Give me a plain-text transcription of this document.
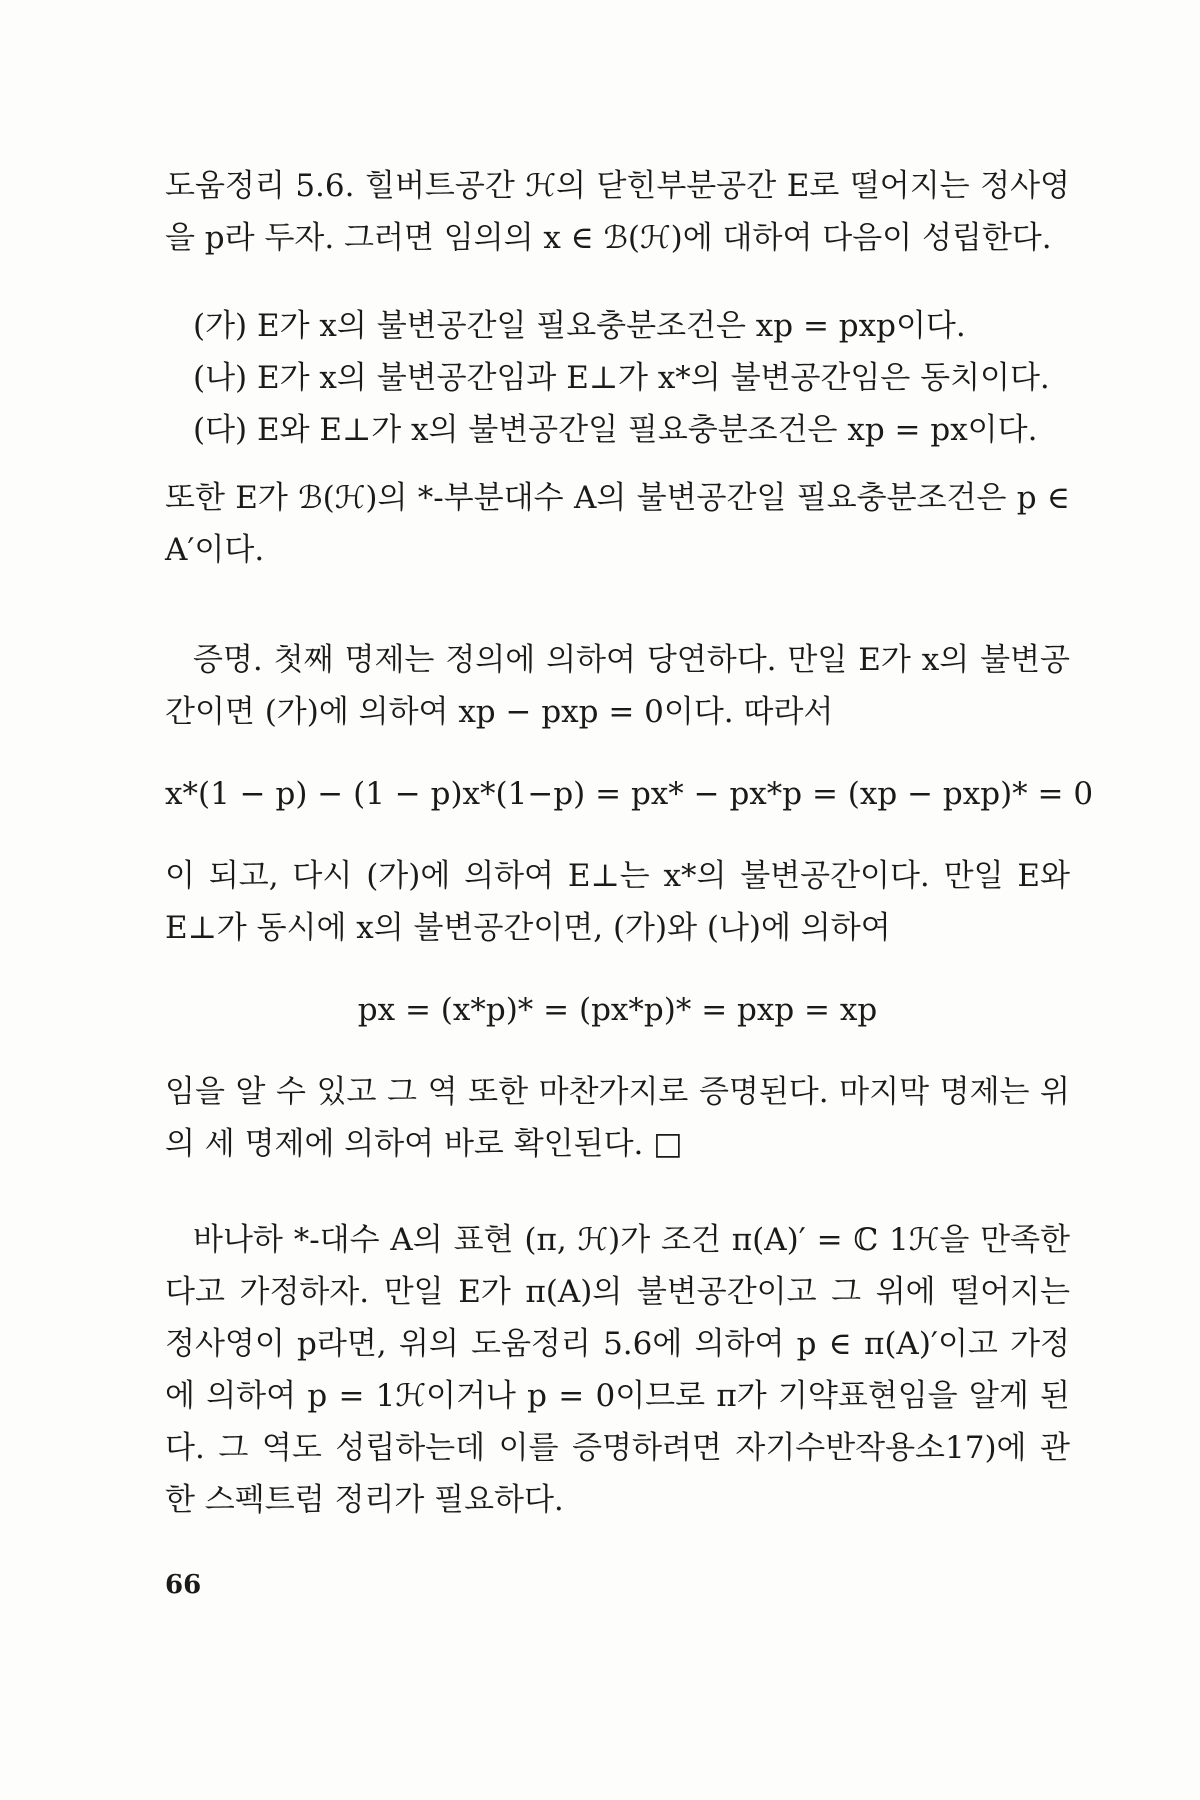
도움정리 5.6. 힐버트공간 ℋ의 닫힌부분공간 E로 떨어지는 정사영을 p라 두자. 그러면 임의의 x ∈ ℬ(ℋ)에 대하여 다음이 성립한다.

(가) E가 x의 불변공간일 필요충분조건은 xp = pxp이다.
(나) E가 x의 불변공간임과 E⊥가 x*의 불변공간임은 동치이다.
(다) E와 E⊥가 x의 불변공간일 필요충분조건은 xp = px이다.

또한 E가 ℬ(ℋ)의 *-부분대수 A의 불변공간일 필요충분조건은 p ∈ A′이다.

증명. 첫째 명제는 정의에 의하여 당연하다. 만일 E가 x의 불변공간이면 (가)에 의하여 xp − pxp = 0이다. 따라서

x*(1 − p) − (1 − p)x*(1−p) = px* − px*p = (xp − pxp)* = 0

이 되고, 다시 (가)에 의하여 E⊥는 x*의 불변공간이다. 만일 E와 E⊥가 동시에 x의 불변공간이면, (가)와 (나)에 의하여

px = (x*p)* = (px*p)* = pxp = xp

임을 알 수 있고 그 역 또한 마찬가지로 증명된다. 마지막 명제는 위의 세 명제에 의하여 바로 확인된다. □

바나하 *-대수 A의 표현 (π, ℋ)가 조건 π(A)′ = ℂ 1ℋ을 만족한다고 가정하자. 만일 E가 π(A)의 불변공간이고 그 위에 떨어지는 정사영이 p라면, 위의 도움정리 5.6에 의하여 p ∈ π(A)′이고 가정에 의하여 p = 1ℋ이거나 p = 0이므로 π가 기약표현임을 알게 된다. 그 역도 성립하는데 이를 증명하려면 자기수반작용소17)에 관한 스펙트럼 정리가 필요하다.

66
